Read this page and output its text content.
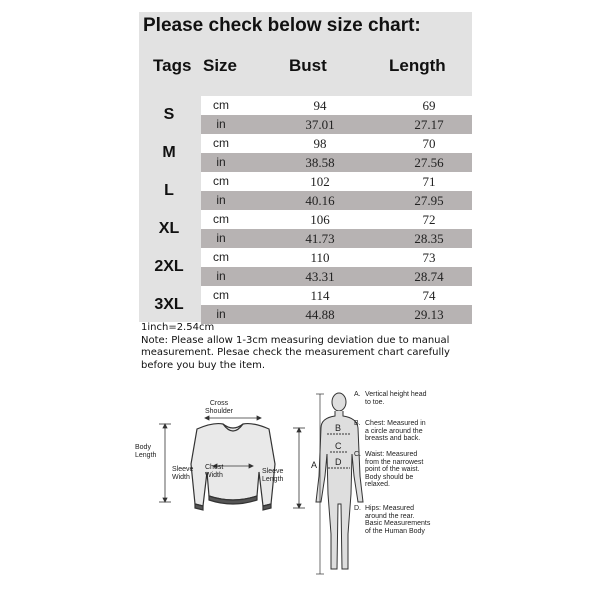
Please check below size chart:
Tags Size	Bust	Length
S
cm	94	69
in	37.01	27.17
M
cm	98	70
in	38.58	27.56
L
cm	102	71
in	40.16	27.95
XL
cm	106	72
in	41.73	28.35
2XL
cm	110	73
in	43.31	28.74
3XL
cm	114	74
in	44.88	29.13
1inch=2.54cm
Note: Please allow 1-3cm measuring deviation due to manual
measurement. Plesae check the measurement chart carefully
before you buy the item.
A
B
C
D
Cross
Shoulder
Body
Length
Sleeve
Width
Chest
Width
Sleeve
Length
A. Vertical height head
to toe.
B. Chest: Measured in
a circle around the
breasts and back.
C. Waist: Measured
from the narrowest
point of the waist.
Body should be
relaxed.
D. Hips: Measured
around the rear.
Basic Measurements
of the Human Body
